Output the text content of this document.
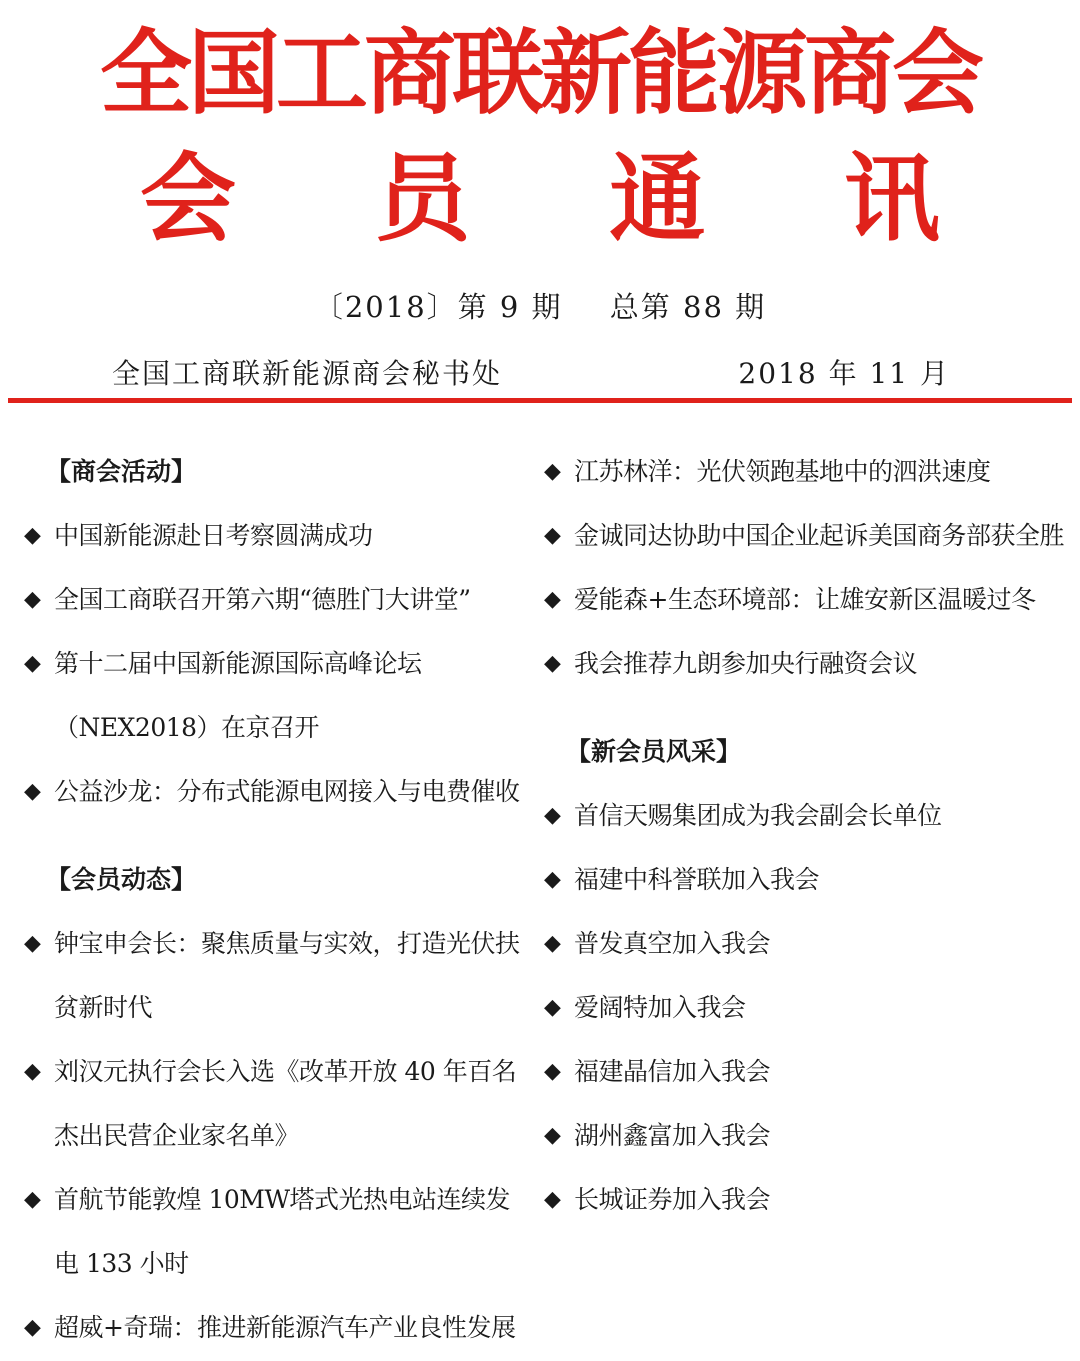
全国工商联新能源商会
会 员 通 讯
〔2018〕第 9 期 总第 88 期
全国工商联新能源商会秘书处	2018 年 11 月
【商会活动】
◆ 中国新能源赴日考察圆满成功
◆ 全国工商联召开第六期“德胜门大讲堂”
◆ 第十二届中国新能源国际高峰论坛（NEX2018）在京召开
◆ 公益沙龙：分布式能源电网接入与电费催收
【会员动态】
◆ 钟宝申会长：聚焦质量与实效，打造光伏扶贫新时代
◆ 刘汉元执行会长入选《改革开放 40 年百名杰出民营企业家名单》
◆ 首航节能敦煌 10MW塔式光热电站连续发电 133 小时
◆ 超威+奇瑞：推进新能源汽车产业良性发展
◆ 江苏林洋：光伏领跑基地中的泗洪速度
◆ 金诚同达协助中国企业起诉美国商务部获全胜
◆ 爱能森+生态环境部：让雄安新区温暖过冬
◆ 我会推荐九朗参加央行融资会议
【新会员风采】
◆ 首信天赐集团成为我会副会长单位
◆ 福建中科誉联加入我会
◆ 普发真空加入我会
◆ 爱阔特加入我会
◆ 福建晶信加入我会
◆ 湖州鑫富加入我会
◆ 长城证券加入我会
